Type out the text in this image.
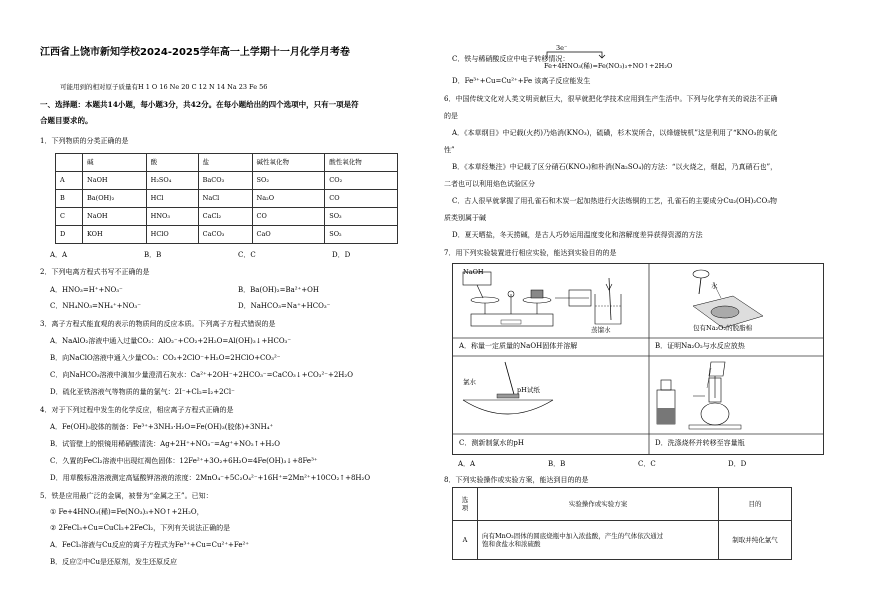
江西省上饶市新知学校2024-2025学年高一上学期十一月化学月考卷
可能用到的相对原子质量有H 1 O 16 Ne 20 C 12 N 14 Na 23 Fe 56
一、选择题：本题共14小题，每小题3分，共42分。在每小题给出的四个选项中，只有一项是符
合题目要求的。
1．下列物质的分类正确的是
	碱	酸	盐	碱性氧化物	酸性氧化物
A	NaOH	H₂SO₄	BaCO₃	SO₂	CO₂
B	Ba(OH)₂	HCl	NaCl	Na₂O	CO
C	NaOH	HNO₃	CaCl₂	CO	SO₃
D	KOH	HClO	CaCO₃	CaO	SO₂
A．A	B．B	C．C	D．D
2．下列电离方程式书写不正确的是
A．HNO₃=H⁺+NO₃⁻	B．Ba(OH)₂=Ba²⁺+OH
C．NH₄NO₃=NH₄⁺+NO₃⁻	D．NaHCO₃=Na⁺+HCO₃⁻
3．离子方程式能直观的表示的物质间的反应本质。下列离子方程式错误的是
A．NaAlO₂溶液中通入过量CO₂：AlO₂⁻+CO₂+2H₂O=Al(OH)₃↓+HCO₃⁻
B．向NaClO溶液中通入少量CO₂：CO₂+2ClO⁻+H₂O=2HClO+CO₃²⁻
C．向NaHCO₃溶液中滴加少量澄清石灰水：Ca²⁺+2OH⁻+2HCO₃⁻=CaCO₃↓+CO₃²⁻+2H₂O
D．硫化亚铁溶液气等物质的量的氯气：2I⁻+Cl₂=I₂+2Cl⁻
4．对于下列过程中发生的化学反应，相应离子方程式正确的是
A．Fe(OH)₃胶体的制备：Fe³⁺+3NH₃·H₂O=Fe(OH)₃(胶体)+3NH₄⁺
B．试管壁上的银镜用稀硝酸清洗：Ag+2H⁺+NO₃⁻=Ag⁺+NO₂↑+H₂O
C．久置的FeCl₂溶液中出现红褐色固体：12Fe²⁺+3O₂+6H₂O=4Fe(OH)₃↓+8Fe³⁺
D．用草酸标准溶液测定高锰酸钾溶液的浓度：2MnO₄⁻+5C₂O₄²⁻+16H⁺=2Mn²⁺+10CO₂↑+8H₂O
5．铁是应用最广泛的金属，被誉为“金属之王”。已知：
① Fe+4HNO₃(稀)=Fe(NO₃)₃+NO↑+2H₂O，
② 2FeCl₃+Cu=CuCl₂+2FeCl₂，下列有关说法正确的是
A．FeCl₃溶液与Cu反应的离子方程式为Fe³⁺+Cu=Cu²⁺+Fe²⁺
B．反应②中Cu是还原剂，发生还原反应
C．铁与稀硝酸反应中电子转移情况：
3e⁻
Fe+4HNO₃(稀)=Fe(NO₃)₃+NO↑+2H₂O
D．Fe³⁺+Cu=Cu²⁺+Fe 该离子反应能发生
6．中国传统文化对人类文明贡献巨大，很早就把化学技术应用到生产生活中。下列与化学有关的说法不正确
的是
A．《本草纲目》中记载(火药)乃焰消(KNO₃)，硫磺，杉木炭所合，以烽燧铳机”这是利用了“KNO₃的氧化
性”
B．《本草经集注》中记载了区分硝石(KNO₃)和朴消(Na₂SO₄)的方法：“以火烧之，烟起，乃真硝石也”，
二者也可以利用焰色试验区分
C．古人很早就掌握了用孔雀石和木炭一起加热进行火法炼铜的工艺，孔雀石的主要成分Cu₂(OH)₂CO₃物
质类别属于碱
D．夏天晒盐，冬天捞碱，是古人巧妙运用温度变化和溶解度差异获得资源的方法
7．用下列实验装置进行相应实验，能达到实验目的的是
NaOH
蒸馏水
水
包有Na₂O₂的脱脂棉
A．称量一定质量的NaOH固体并溶解	B．证明Na₂O₂与水反应放热
氯水
pH试纸
C．测新制氯水的pH	D．洗涤烧杯并转移至容量瓶
A．A	B．B	C．C	D．D
8．下列实验操作或实验方案，能达到目的的是
选
项	实验操作或实验方案	目的
A	向有MnO₂固体的圆底烧瓶中加入浓盐酸，产生的气体依次通过
饱和食盐水和浓硫酸	制取并纯化氯气
